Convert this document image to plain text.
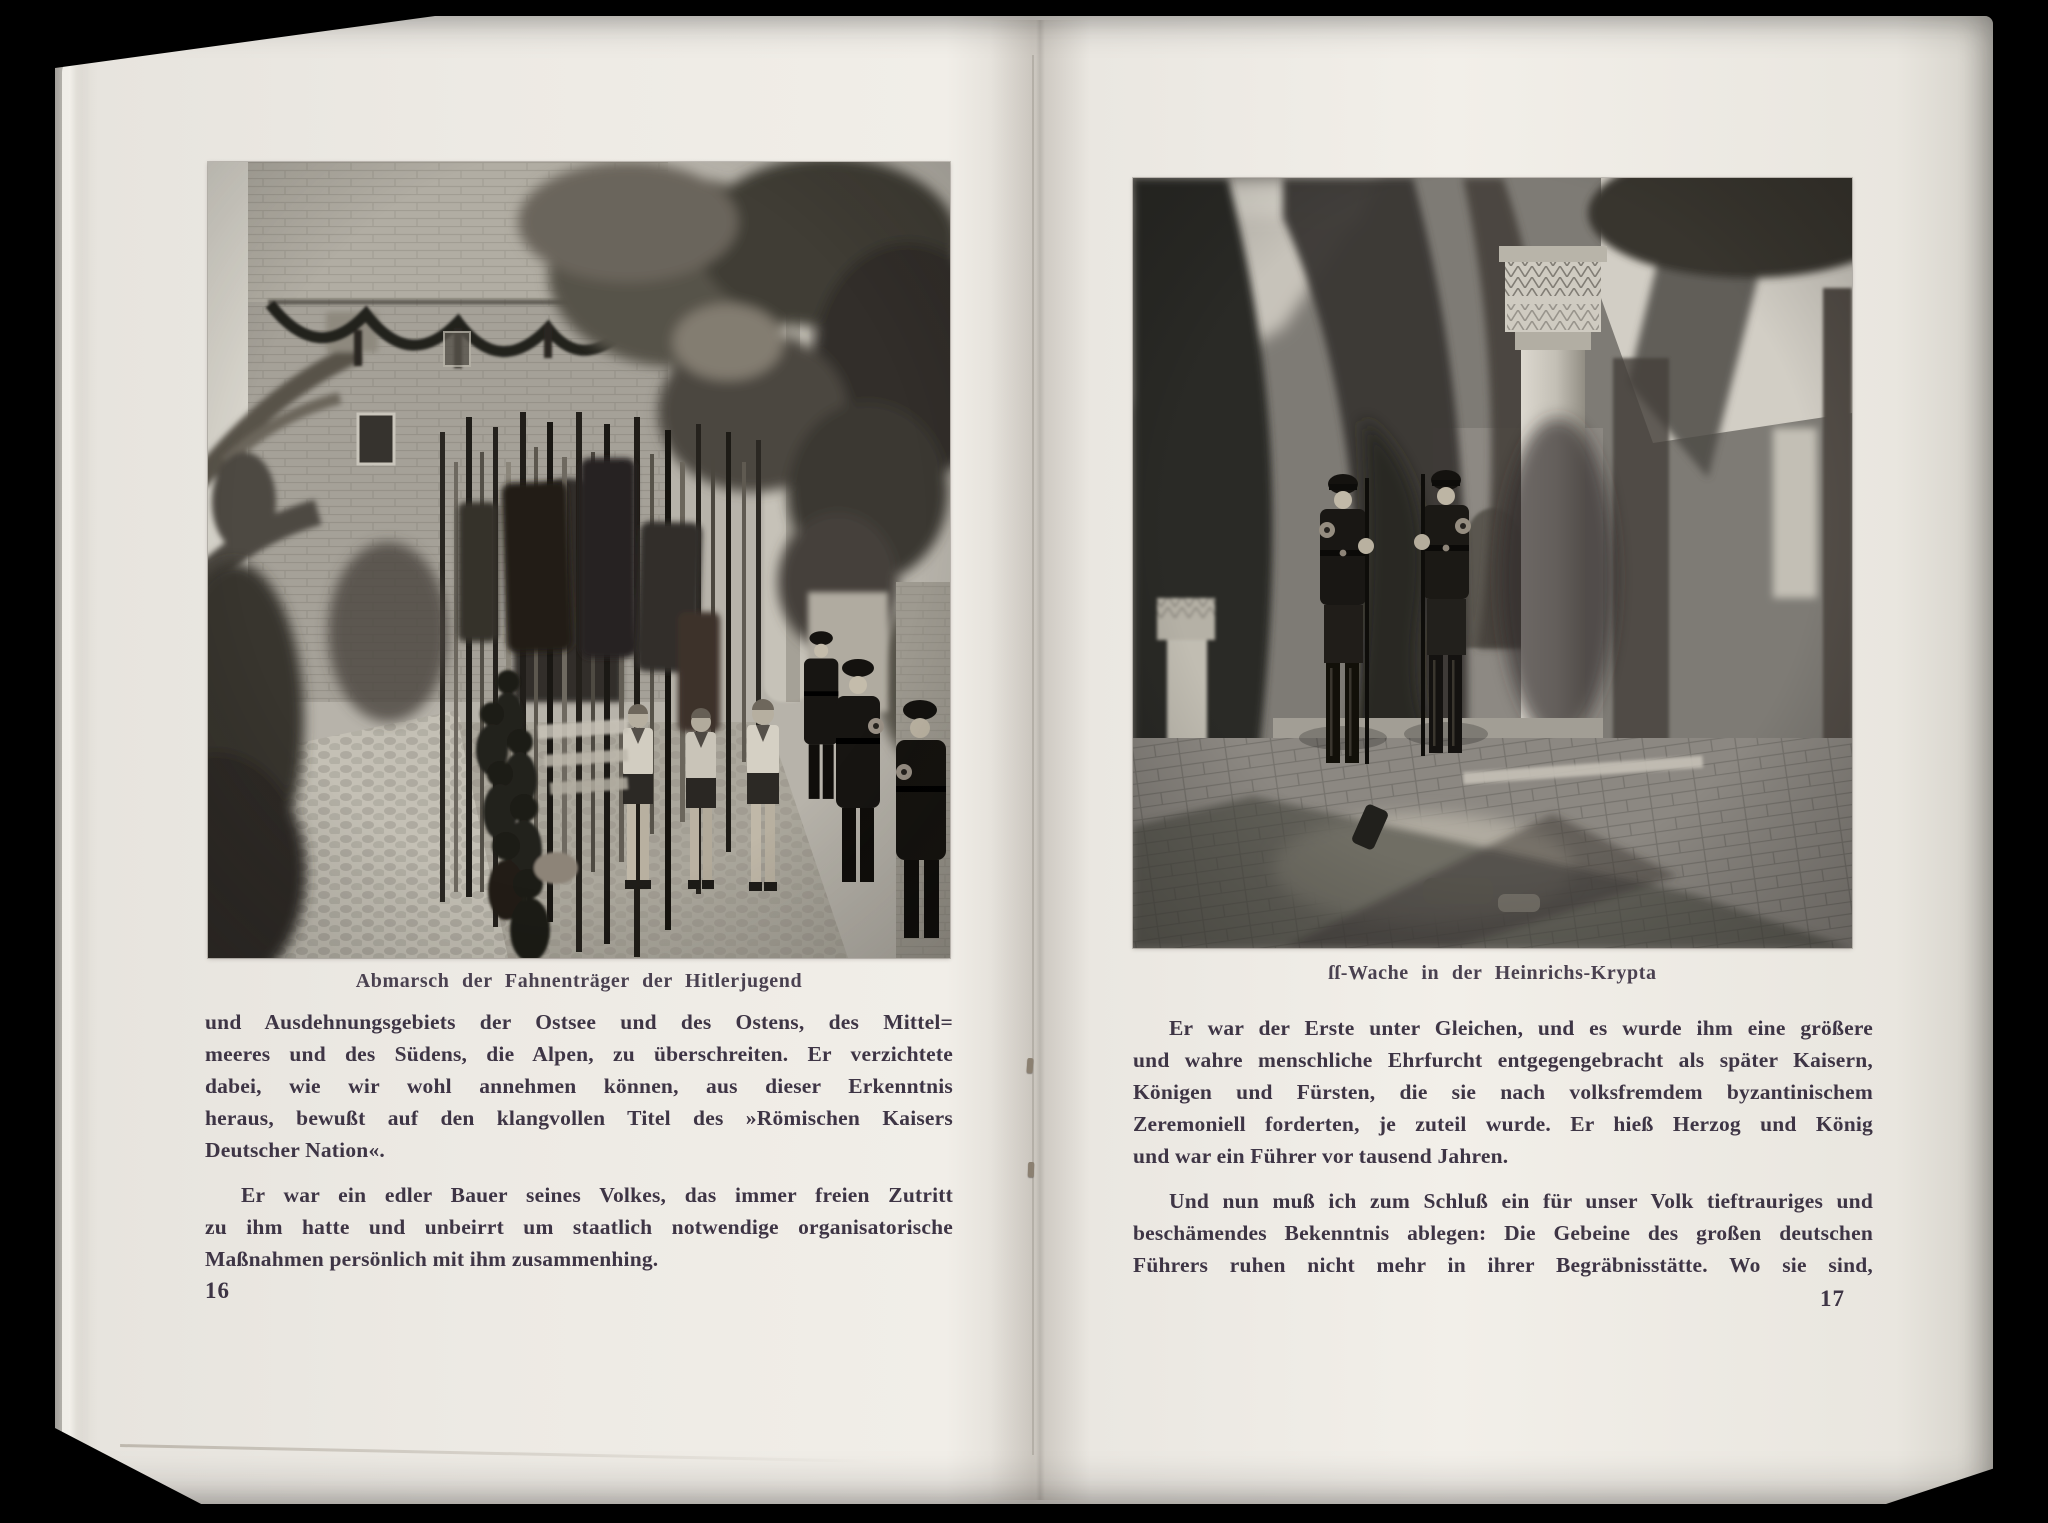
Abmarsch der Fahnenträger der Hitlerjugend
und Ausdehnungsgebiets der Ostsee und des Ostens, des Mittel=
meeres und des Südens, die Alpen, zu überschreiten. Er verzichtete
dabei, wie wir wohl annehmen können, aus dieser Erkenntnis
heraus, bewußt auf den klangvollen Titel des »Römischen Kaisers
Deutscher Nation«.
Er war ein edler Bauer seines Volkes, das immer freien Zutritt
zu ihm hatte und unbeirrt um staatlich notwendige organisatorische
Maßnahmen persönlich mit ihm zusammenhing.
16
ſſ-Wache in der Heinrichs-Krypta
Er war der Erste unter Gleichen, und es wurde ihm eine größere
und wahre menschliche Ehrfurcht entgegengebracht als später Kaisern,
Königen und Fürsten, die sie nach volksfremdem byzantinischem
Zeremoniell forderten, je zuteil wurde. Er hieß Herzog und König
und war ein Führer vor tausend Jahren.
Und nun muß ich zum Schluß ein für unser Volk tieftrauriges und
beschämendes Bekenntnis ablegen: Die Gebeine des großen deutschen
Führers ruhen nicht mehr in ihrer Begräbnisstätte. Wo sie sind,
17
